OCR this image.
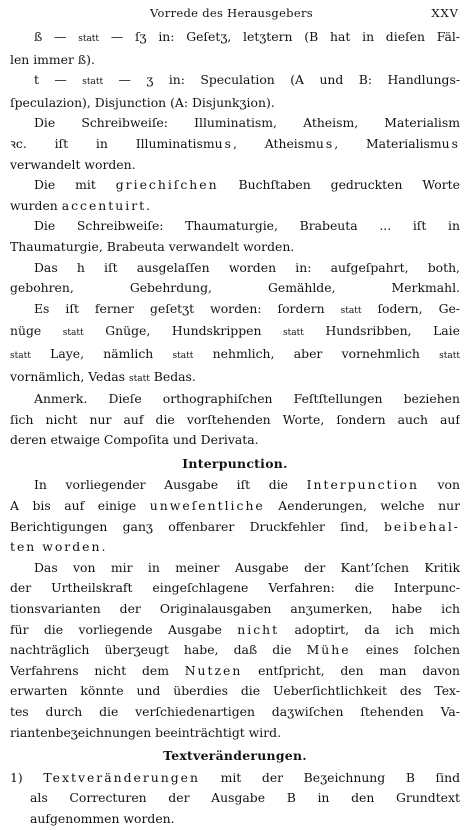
Vorrede des Herausgebers	XXV
ß — statt — ſʒ in: Geſetʒ, letʒtern (B hat in dieſen Fäl-
len immer ß).
t — statt — ʒ in: Speculation (A und B: Handlungs-
ſpeculazion), Disjunction (A: Disjunkʒion).
Die Schreibweiſe: Illuminatism, Atheism, Materialism
ꝛc. iſt in Illuminatismus, Atheismus, Materialismus
verwandelt worden.
Die mit griechiſchen Buchſtaben gedruckten Worte
wurden accentuirt.
Die Schreibweiſe: Thaumaturgie, Brabeuta ... iſt in
Thaumaturgie, Brabeuta verwandelt worden.
Das h iſt ausgelaſſen worden in: aufgeſpahrt, both,
gebohren, Gebehrdung, Gemählde, Merkmahl.
Es iſt ferner geſetʒt worden: ſordern statt ſodern, Ge-
nüge statt Gnüge, Hundskrippen statt Hundsribben, Laie
statt Laye, nämlich statt nehmlich, aber vornehmlich statt
vornämlich, Vedas statt Bedas.
Anmerk. Dieſe orthographiſchen Feſtſtellungen beziehen
ſich nicht nur auf die vorſtehenden Worte, ſondern auch auf
deren etwaige Compoſita und Derivata.
Interpunction.
In vorliegender Ausgabe iſt die Interpunction von
A bis auf einige unweſentliche Aenderungen, welche nur
Berichtigungen ganʒ offenbarer Druckfehler ſind, beibehal-
ten worden.
Das von mir in meiner Ausgabe der Kant’ſchen Kritik
der Urtheilskraft eingeſchlagene Verfahren: die Interpunc-
tionsvarianten der Originalausgaben anʒumerken, habe ich
für die vorliegende Ausgabe nicht adoptirt, da ich mich
nachträglich überʒeugt habe, daß die Mühe eines ſolchen
Verfahrens nicht dem Nutzen entſpricht, den man davon
erwarten könnte und überdies die Ueberſichtlichkeit des Tex-
tes durch die verſchiedenartigen daʒwiſchen ſtehenden Va-
riantenbeʒeichnungen beeinträchtigt wird.
Textveränderungen.
1) Textveränderungen mit der Beʒeichnung B ſind
als Correcturen der Ausgabe B in den Grundtext
aufgenommen worden.
